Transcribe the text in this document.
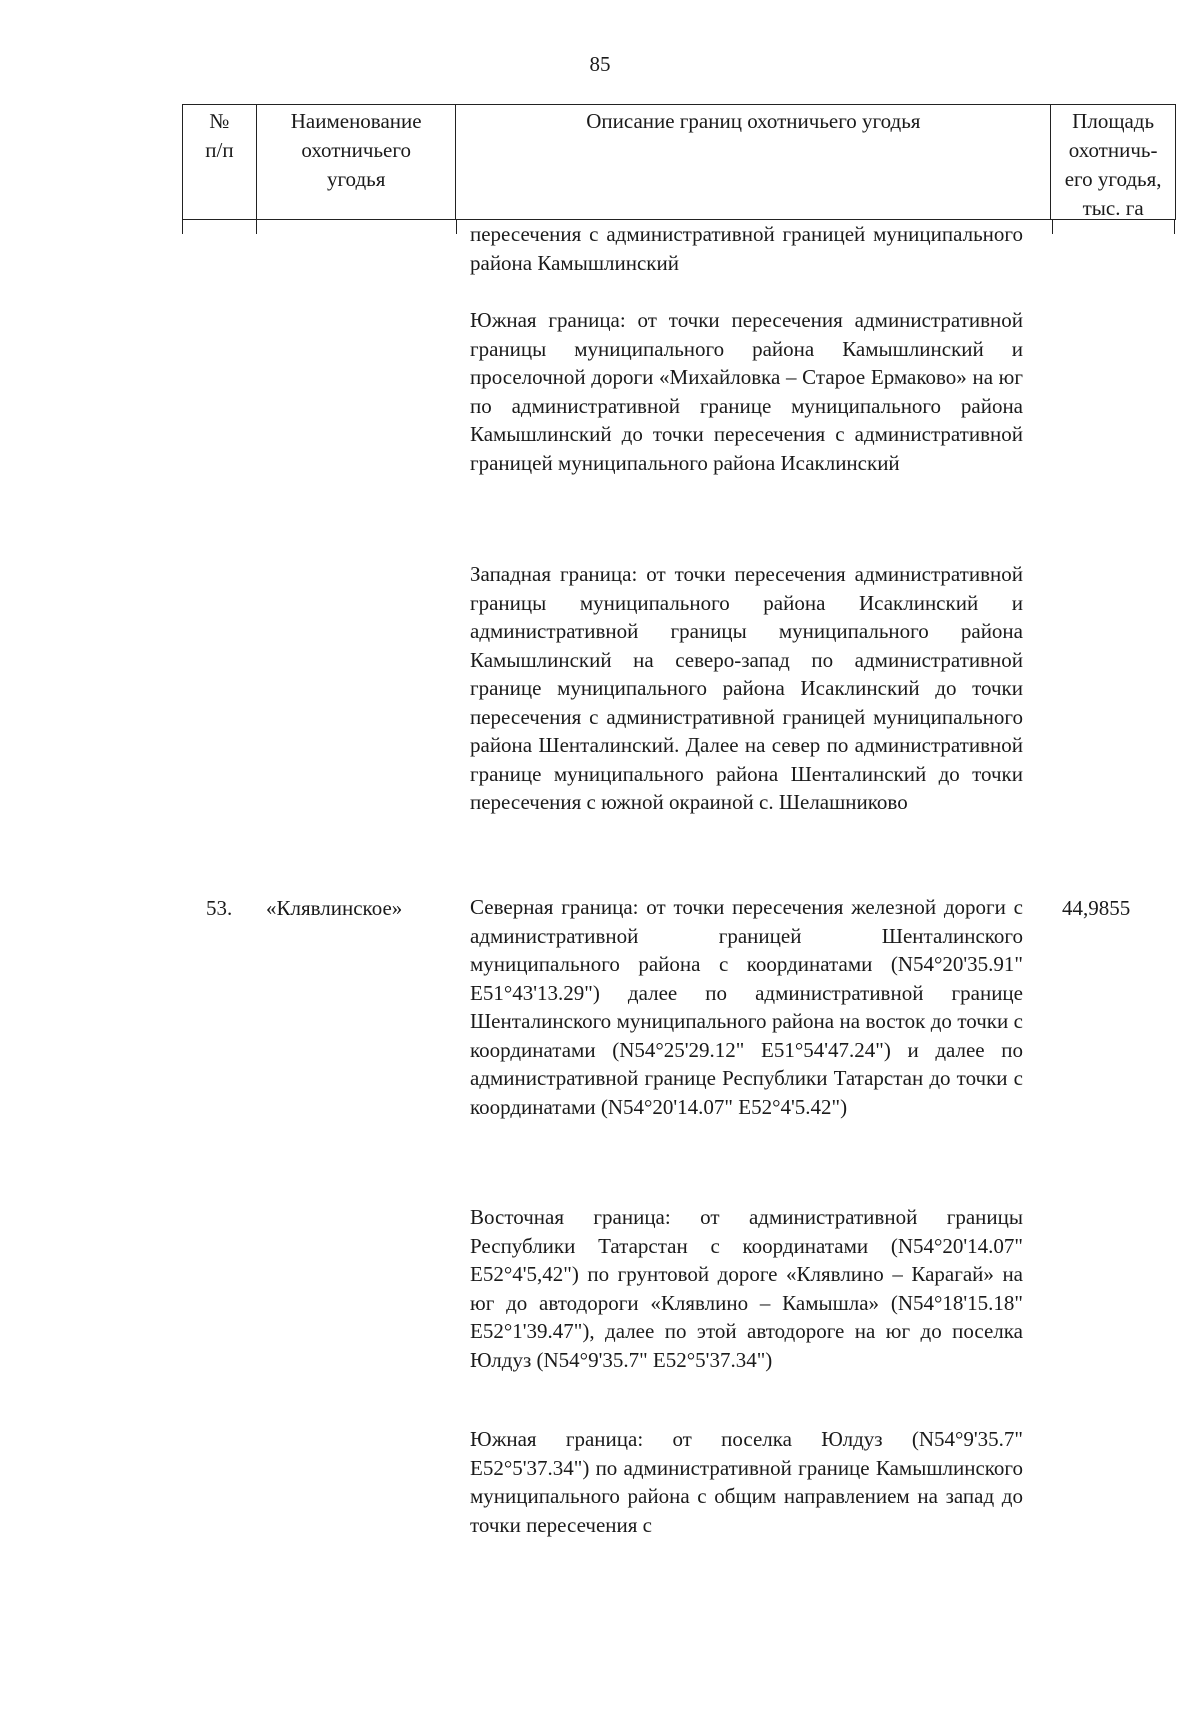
85
№
п/п
Наименование
охотничьего
угодья
Описание границ охотничьего угодья	Площадь
охотничь-
его угодья,
тыс. га

пересечения с административной границей муниципального района Камышлинский

Южная граница: от точки пересечения административной границы муниципального района Камышлинский и проселочной дороги «Михайловка – Старое Ермаково» на юг по административной границе муниципального района Камышлинский до точки пересечения с административной границей муниципального района Исаклинский

Западная граница: от точки пересечения административной границы муниципального района Исаклинский и административной границы муниципального района Камышлинский на северо-запад по административной границе муниципального района Исаклинский до точки пересечения с административной границей муниципального района Шенталинский. Далее на север по административной границе муниципального района Шенталинский до точки пересечения с южной окраиной с. Шелашниково

53. «Клявлинское»	44,9855

Северная граница: от точки пересечения железной дороги с административной границей Шенталинского муниципального района с координатами (N54°20'35.91" E51°43'13.29") далее по административной границе Шенталинского муниципального района на восток до точки с координатами (N54°25'29.12" E51°54'47.24") и далее по административной границе Республики Татарстан до точки с координатами (N54°20'14.07" E52°4'5.42")

Восточная граница: от административной границы Республики Татарстан с координатами (N54°20'14.07" E52°4'5,42") по грунтовой дороге «Клявлино – Карагай» на юг до автодороги «Клявлино – Камышла» (N54°18'15.18" E52°1'39.47"), далее по этой автодороге на юг до поселка Юлдуз (N54°9'35.7" E52°5'37.34")

Южная граница: от поселка Юлдуз (N54°9'35.7" E52°5'37.34") по административной границе Камышлинского муниципального района с общим направлением на запад до точки пересечения с
